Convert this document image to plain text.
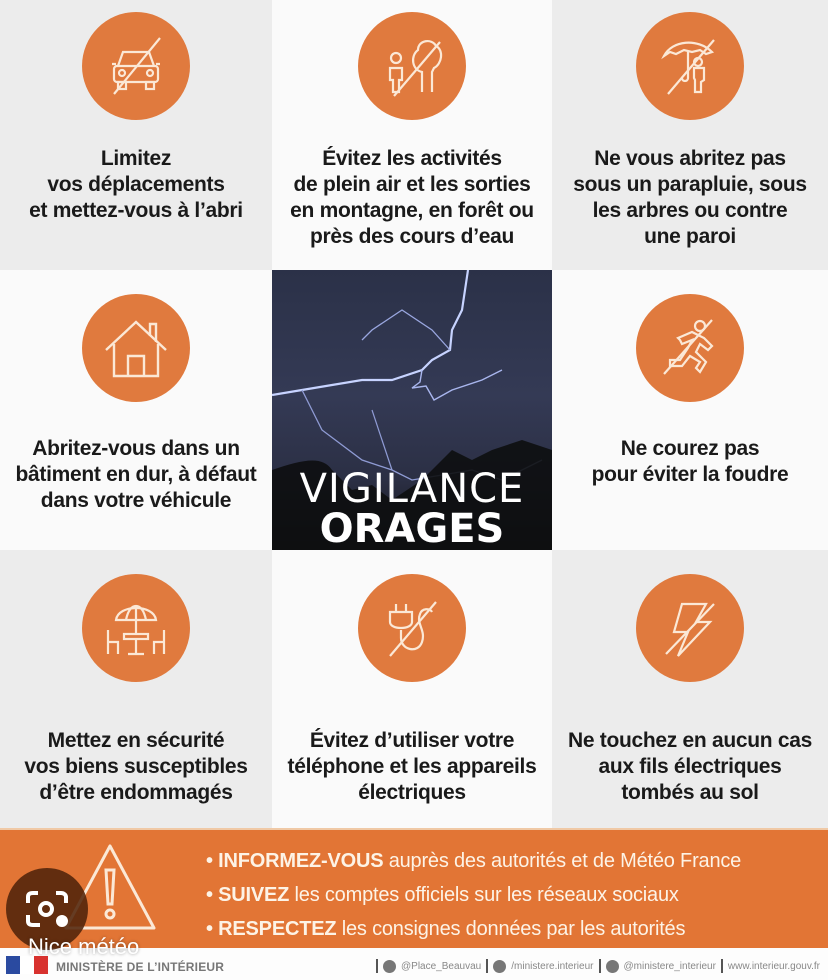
Limitez
vos déplacements
et mettez-vous à l’abri
Évitez les activités
de plein air et les sorties
en montagne, en forêt ou
près des cours d’eau
Ne vous abritez pas
sous un parapluie, sous
les arbres ou contre
une paroi
Abritez-vous dans un
bâtiment en dur, à défaut
dans votre véhicule	VIGILANCE
ORAGES
Ne courez pas
pour éviter la foudre
Mettez en sécurité
vos biens susceptibles
d’être endommagés
Évitez d’utiliser votre
téléphone et les appareils
électriques
Ne touchez en aucun cas
aux fils électriques
tombés au sol
• INFORMEZ-VOUS auprès des autorités et de Météo France
• SUIVEZ les comptes officiels sur les réseaux sociaux
• RESPECTEZ les consignes données par les autorités
MINISTÈRE DE L’INTÉRIEUR	@Place_Beauvau	/ministere.interieur	@ministere_interieur www.interieur.gouv.fr
Nice météo
